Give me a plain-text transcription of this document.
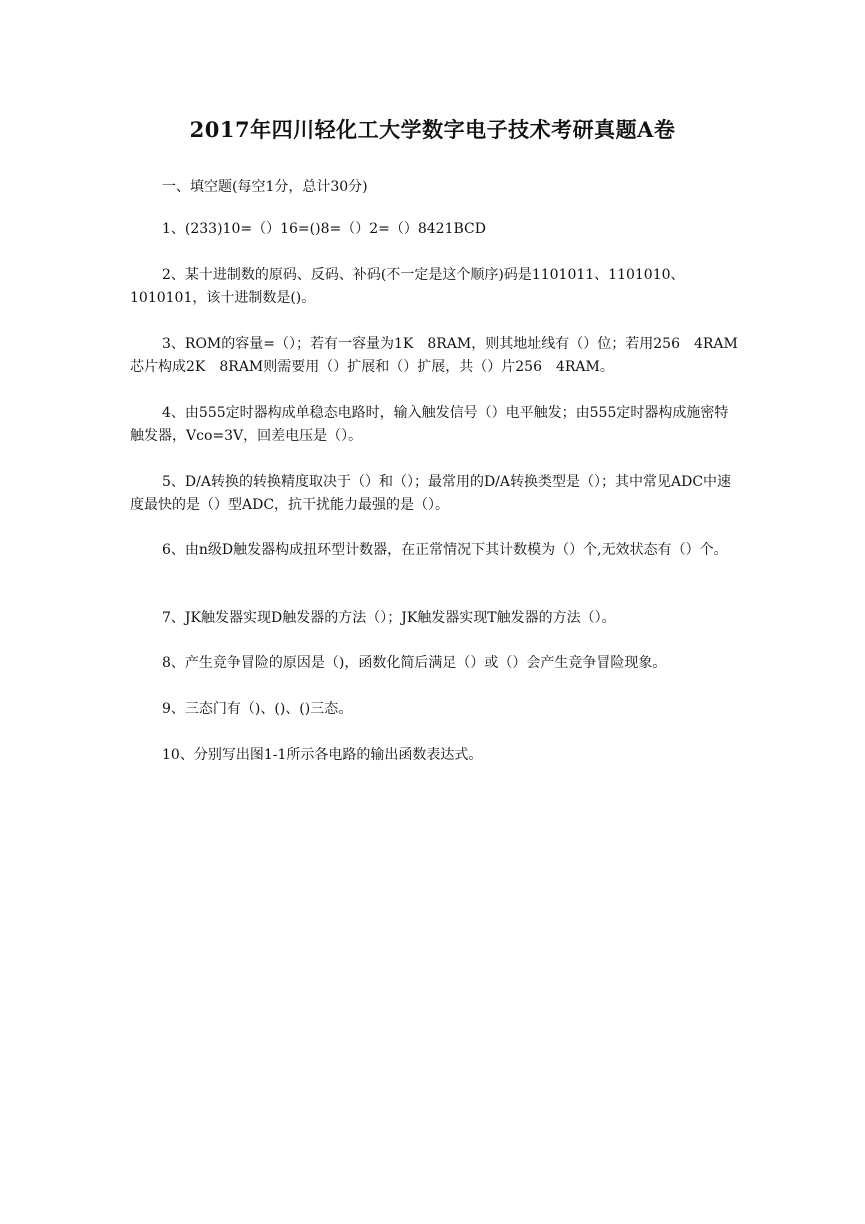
2017年四川轻化工大学数字电子技术考研真题A卷

一、填空题(每空1分，总计30分)

1、(233)10=（）16=()8=（）2=（）8421BCD

2、某十进制数的原码、反码、补码(不一定是这个顺序)码是1101011、1101010、1010101，该十进制数是()。

3、ROM的容量=（）；若有一容量为1K　8RAM，则其地址线有（）位；若用256　4RAM芯片构成2K　8RAM则需要用（）扩展和（）扩展，共（）片256　4RAM。

4、由555定时器构成单稳态电路时，输入触发信号（）电平触发；由555定时器构成施密特触发器，Vco=3V，回差电压是（）。

5、D/A转换的转换精度取决于（）和（）；最常用的D/A转换类型是（）；其中常见ADC中速度最快的是（）型ADC，抗干扰能力最强的是（）。

6、由n级D触发器构成扭环型计数器，在正常情况下其计数模为（）个,无效状态有（）个。

7、JK触发器实现D触发器的方法（）；JK触发器实现T触发器的方法（）。

8、产生竞争冒险的原因是（)，函数化简后满足（）或（）会产生竞争冒险现象。

9、三态门有（)、()、()三态。

10、分别写出图1-1所示各电路的输出函数表达式。
